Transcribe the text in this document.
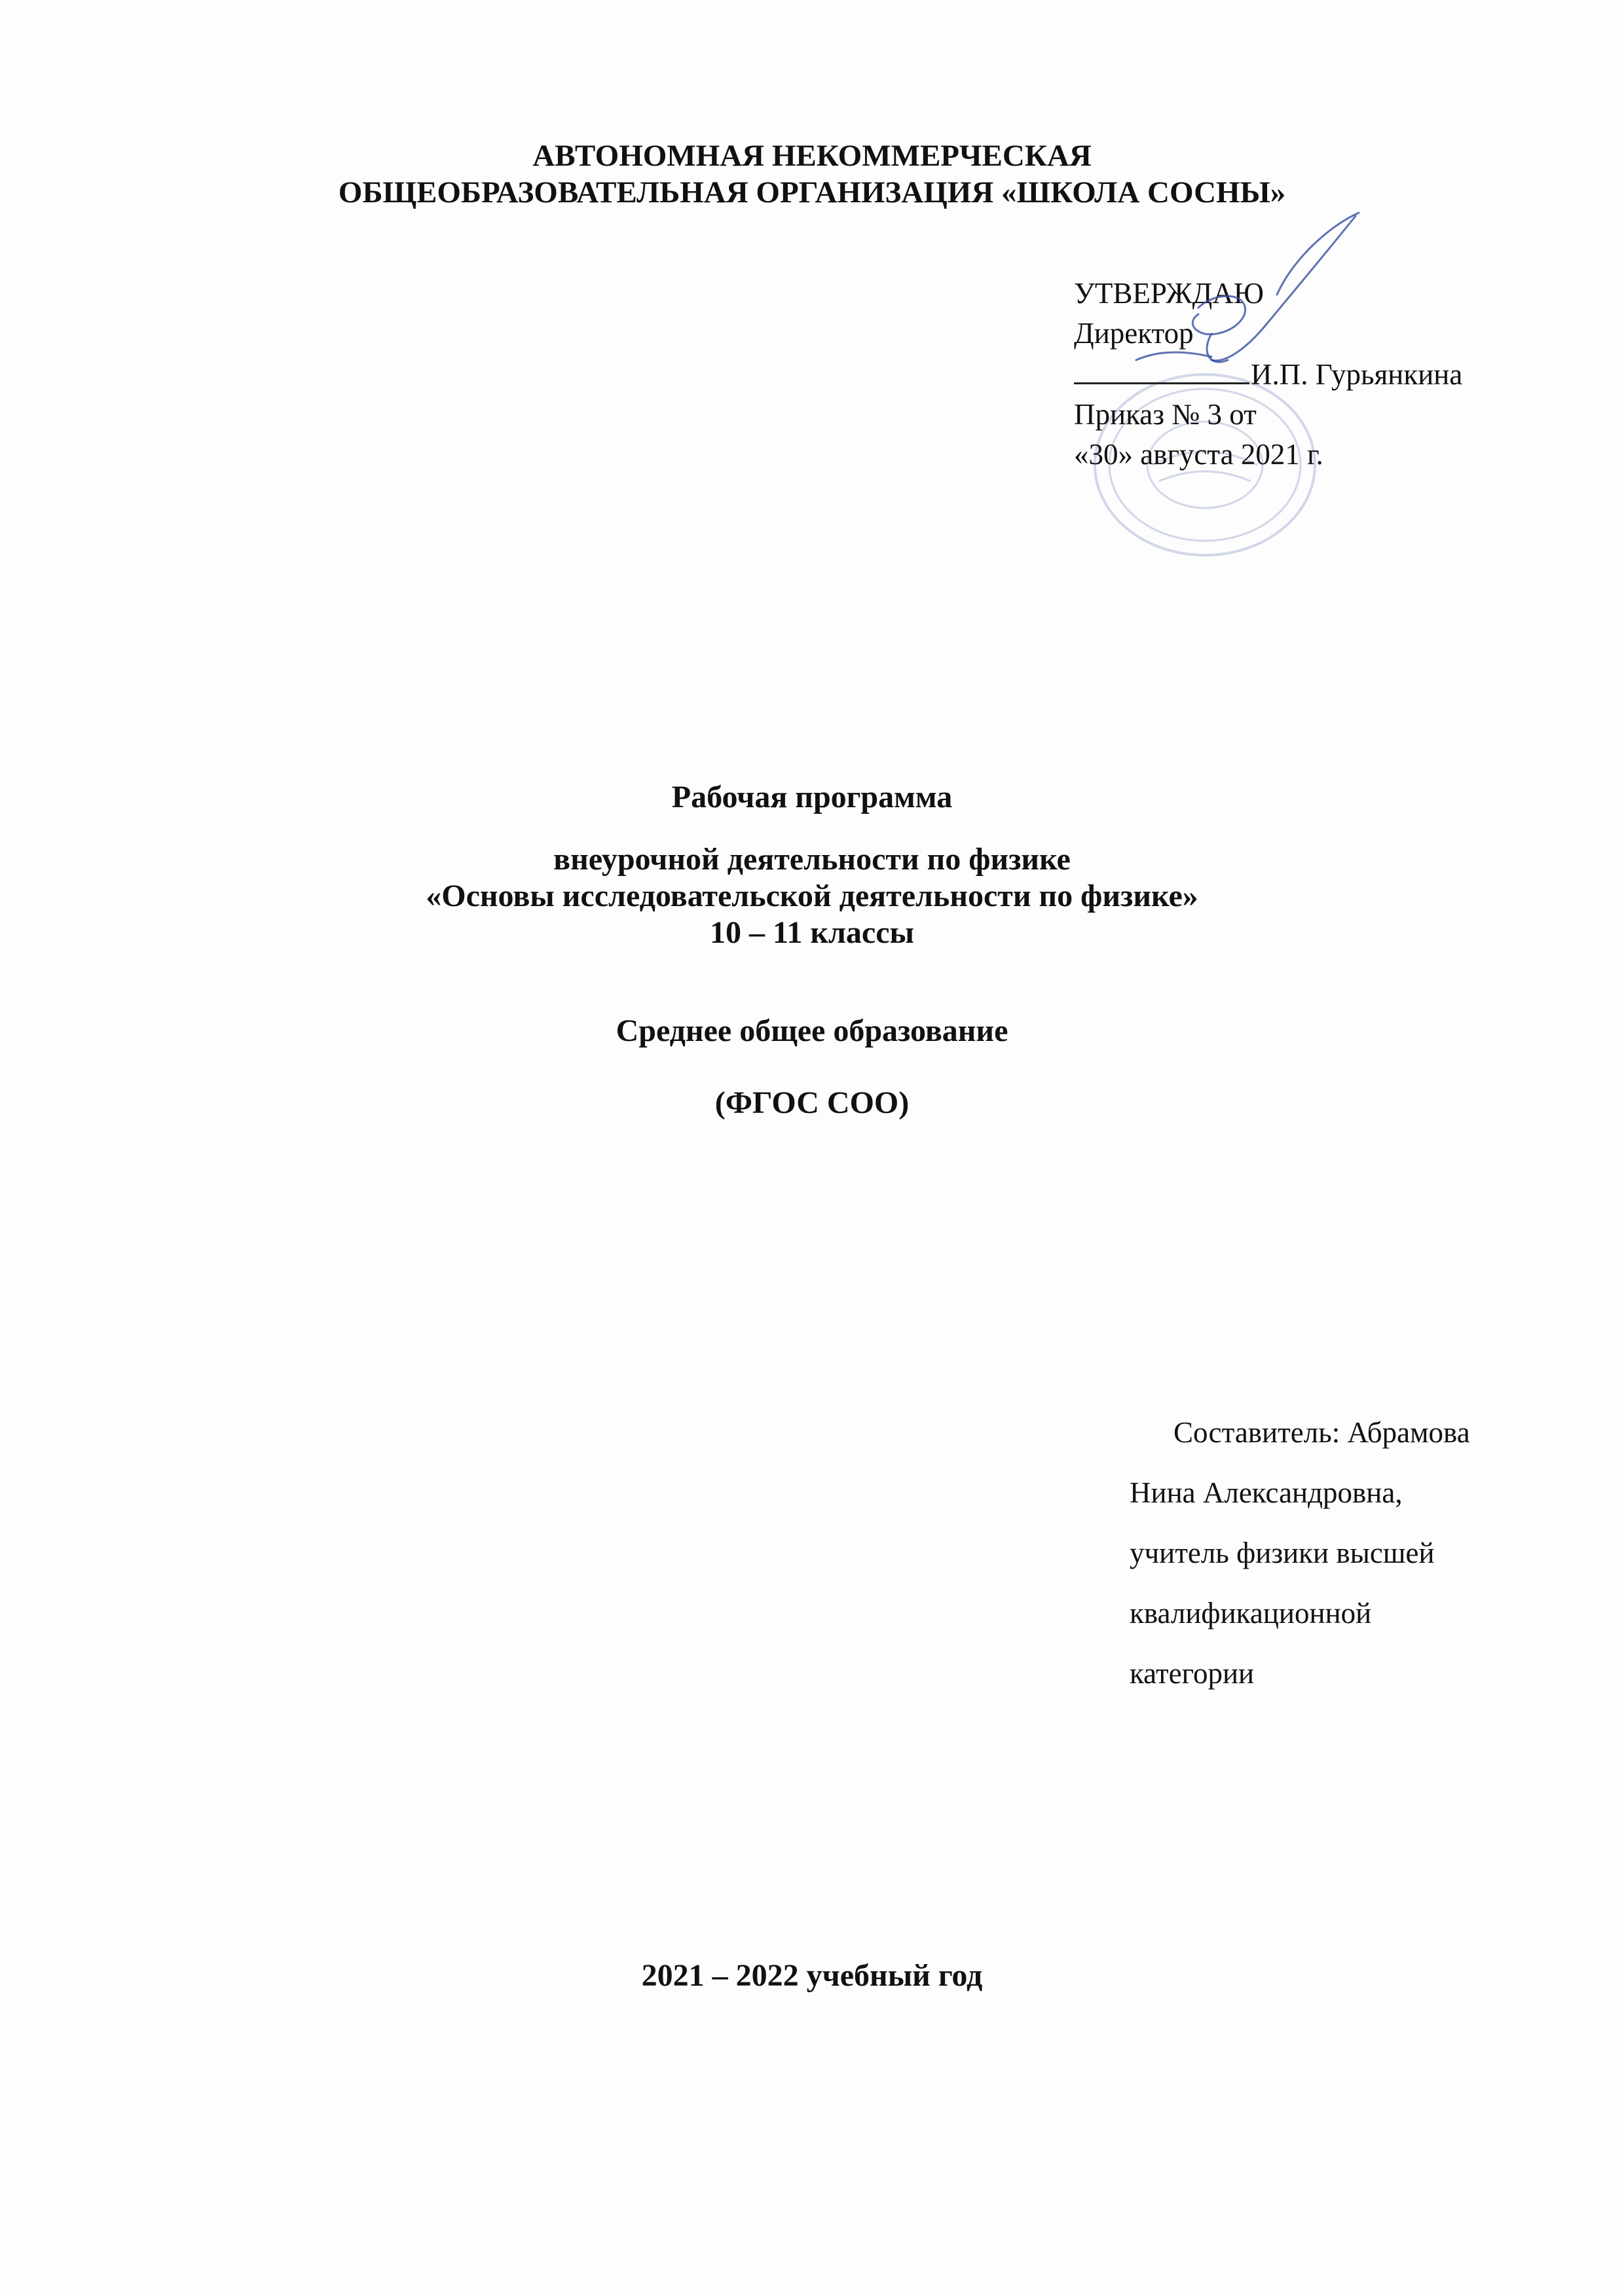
АВТОНОМНАЯ НЕКОММЕРЧЕСКАЯ
ОБЩЕОБРАЗОВАТЕЛЬНАЯ ОРГАНИЗАЦИЯ «ШКОЛА СОСНЫ»
УТВЕРЖДАЮ
Директор
И.П. Гурьянкина
Приказ № 3 от
«30» августа 2021 г.
Рабочая программа
внеурочной деятельности по физике
«Основы исследовательской деятельности по физике»
10 – 11 классы
Среднее общее образование
(ФГОС СОО)
Составитель: Абрамова
Нина Александровна,
учитель физики высшей
квалификационной
категории
2021 – 2022 учебный год
